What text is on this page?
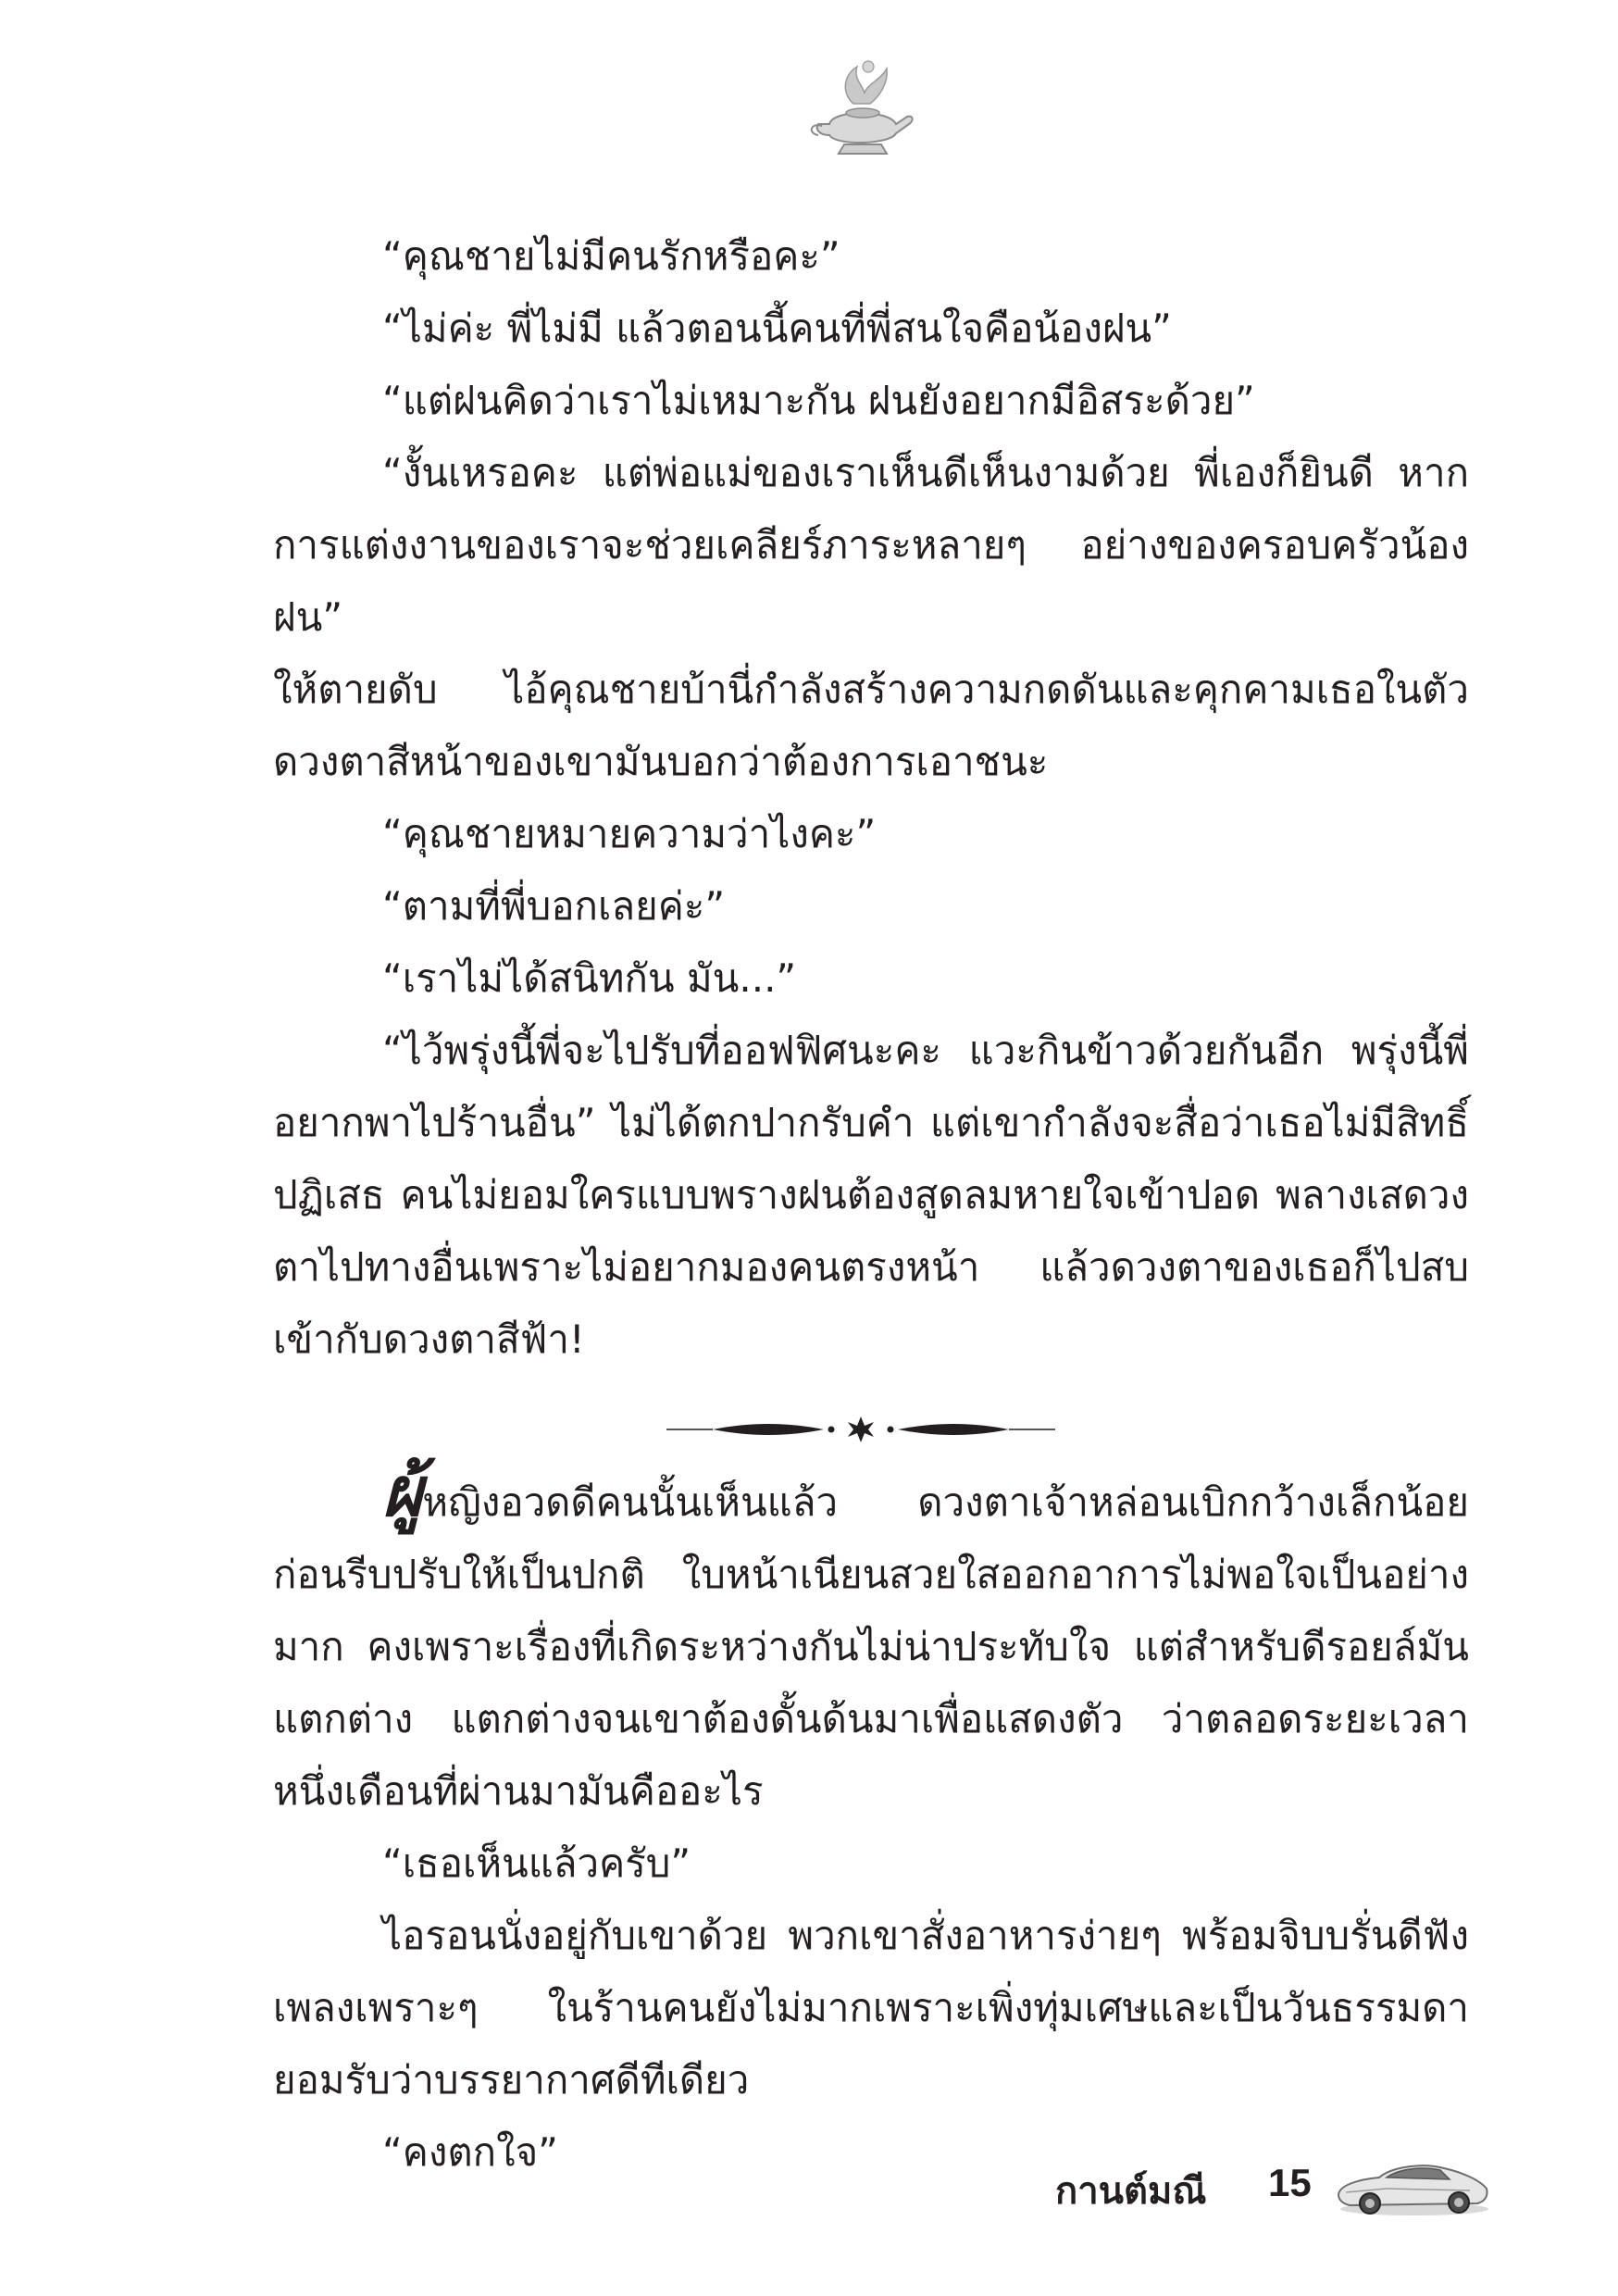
“คุณชายไม่มีคนรักหรือคะ”

“ไม่ค่ะ พี่ไม่มี แล้วตอนนี้คนที่พี่สนใจคือน้องฝน”

“แต่ฝนคิดว่าเราไม่เหมาะกัน ฝนยังอยากมีอิสระด้วย”

“งั้นเหรอคะ แต่พ่อแม่ของเราเห็นดีเห็นงามด้วย พี่เองก็ยินดี หากการแต่งงานของเราจะช่วยเคลียร์ภาระหลายๆ อย่างของครอบครัวน้องฝน”

ให้ตายดับ ไอ้คุณชายบ้านี่กำลังสร้างความกดดันและคุกคามเธอในตัว ดวงตาสีหน้าของเขามันบอกว่าต้องการเอาชนะ

“คุณชายหมายความว่าไงคะ”

“ตามที่พี่บอกเลยค่ะ”

“เราไม่ได้สนิทกัน มัน...”

“ไว้พรุ่งนี้พี่จะไปรับที่ออฟฟิศนะคะ แวะกินข้าวด้วยกันอีก พรุ่งนี้พี่อยากพาไปร้านอื่น” ไม่ได้ตกปากรับคำ แต่เขากำลังจะสื่อว่าเธอไม่มีสิทธิ์ปฏิเสธ คนไม่ยอมใครแบบพรางฝนต้องสูดลมหายใจเข้าปอด พลางเสดวงตาไปทางอื่นเพราะไม่อยากมองคนตรงหน้า แล้วดวงตาของเธอก็ไปสบเข้ากับดวงตาสีฟ้า!

ผู้หญิงอวดดีคนนั้นเห็นแล้ว ดวงตาเจ้าหล่อนเบิกกว้างเล็กน้อยก่อนรีบปรับให้เป็นปกติ ใบหน้าเนียนสวยใสออกอาการไม่พอใจเป็นอย่างมาก คงเพราะเรื่องที่เกิดระหว่างกันไม่น่าประทับใจ แต่สำหรับดีรอยล์มันแตกต่าง แตกต่างจนเขาต้องดั้นด้นมาเพื่อแสดงตัว ว่าตลอดระยะเวลาหนึ่งเดือนที่ผ่านมามันคืออะไร

“เธอเห็นแล้วครับ”

ไอรอนนั่งอยู่กับเขาด้วย พวกเขาสั่งอาหารง่ายๆ พร้อมจิบบรั่นดีฟังเพลงเพราะๆ ในร้านคนยังไม่มากเพราะเพิ่งทุ่มเศษและเป็นวันธรรมดายอมรับว่าบรรยากาศดีทีเดียว

“คงตกใจ”

กานต์มณี 15
